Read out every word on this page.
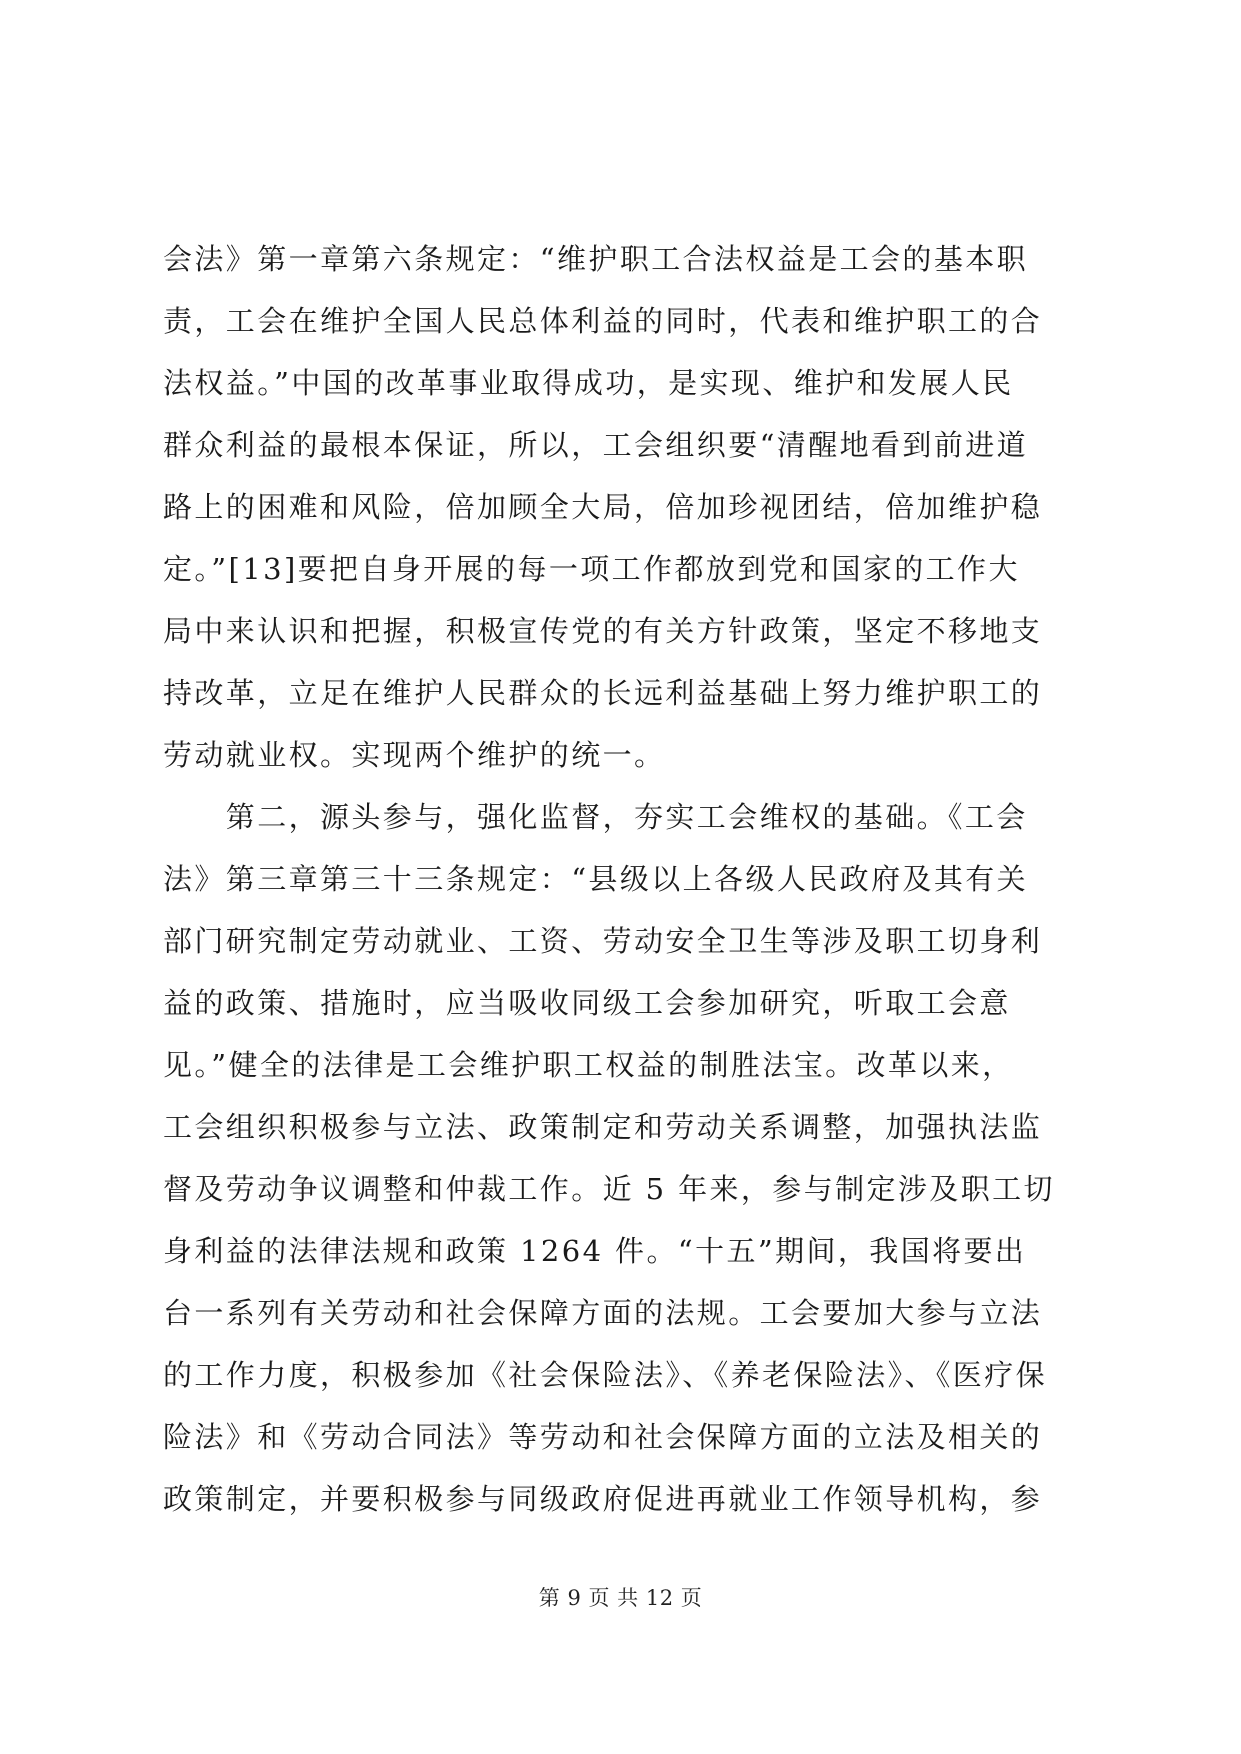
会法》第一章第六条规定：“维护职工合法权益是工会的基本职
责，工会在维护全国人民总体利益的同时，代表和维护职工的合
法权益。”中国的改革事业取得成功，是实现、维护和发展人民
群众利益的最根本保证，所以，工会组织要“清醒地看到前进道
路上的困难和风险，倍加顾全大局，倍加珍视团结，倍加维护稳
定。”[13]要把自身开展的每一项工作都放到党和国家的工作大
局中来认识和把握，积极宣传党的有关方针政策，坚定不移地支
持改革，立足在维护人民群众的长远利益基础上努力维护职工的
劳动就业权。实现两个维护的统一。
　　第二，源头参与，强化监督，夯实工会维权的基础。《工会
法》第三章第三十三条规定：“县级以上各级人民政府及其有关
部门研究制定劳动就业、工资、劳动安全卫生等涉及职工切身利
益的政策、措施时，应当吸收同级工会参加研究，听取工会意
见。”健全的法律是工会维护职工权益的制胜法宝。改革以来，
工会组织积极参与立法、政策制定和劳动关系调整，加强执法监
督及劳动争议调整和仲裁工作。近 5 年来，参与制定涉及职工切
身利益的法律法规和政策 1264 件。“十五”期间，我国将要出
台一系列有关劳动和社会保障方面的法规。工会要加大参与立法
的工作力度，积极参加《社会保险法》、《养老保险法》、《医疗保
险法》和《劳动合同法》等劳动和社会保障方面的立法及相关的
政策制定，并要积极参与同级政府促进再就业工作领导机构，参
第 9 页 共 12 页
